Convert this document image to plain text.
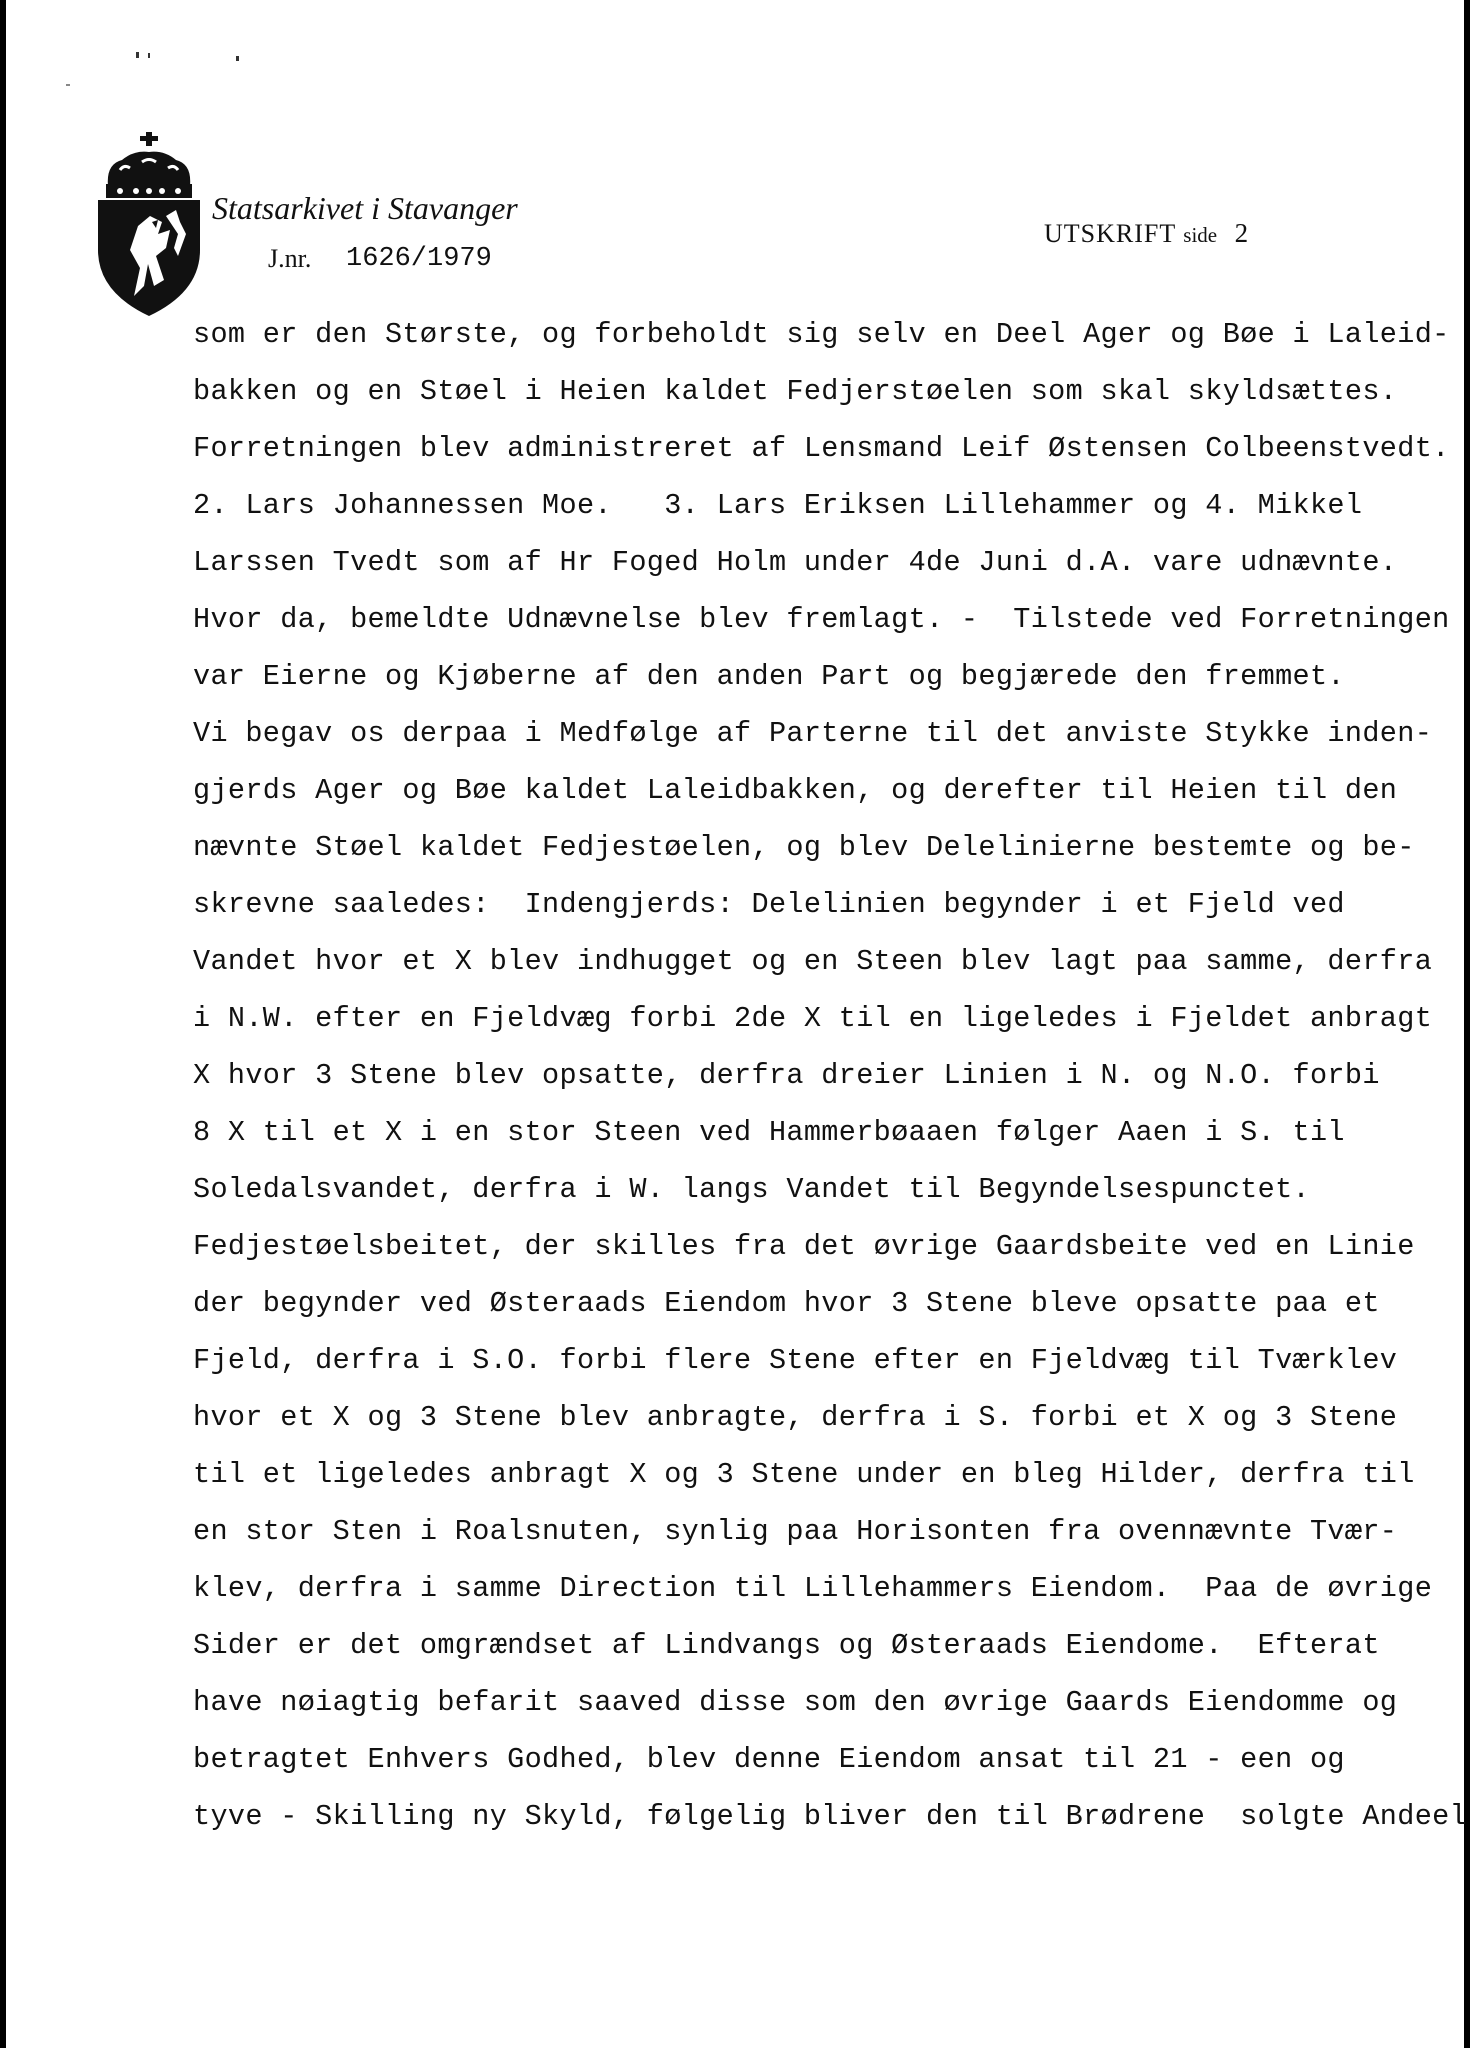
Statsarkivet i Stavanger
J.nr. 1626/1979
UTSKRIFT side 2
som er den Største, og forbeholdt sig selv en Deel Ager og Bøe i Laleid-
bakken og en Støel i Heien kaldet Fedjerstøelen som skal skyldsættes.
Forretningen blev administreret af Lensmand Leif Østensen Colbeenstvedt.
2. Lars Johannessen Moe.   3. Lars Eriksen Lillehammer og 4. Mikkel
Larssen Tvedt som af Hr Foged Holm under 4de Juni d.A. vare udnævnte.
Hvor da, bemeldte Udnævnelse blev fremlagt. -  Tilstede ved Forretningen
var Eierne og Kjøberne af den anden Part og begjærede den fremmet.
Vi begav os derpaa i Medfølge af Parterne til det anviste Stykke inden-
gjerds Ager og Bøe kaldet Laleidbakken, og derefter til Heien til den
nævnte Støel kaldet Fedjestøelen, og blev Delelinierne bestemte og be-
skrevne saaledes:  Indengjerds: Delelinien begynder i et Fjeld ved
Vandet hvor et X blev indhugget og en Steen blev lagt paa samme, derfra
i N.W. efter en Fjeldvæg forbi 2de X til en ligeledes i Fjeldet anbragt
X hvor 3 Stene blev opsatte, derfra dreier Linien i N. og N.O. forbi
8 X til et X i en stor Steen ved Hammerbøaaen følger Aaen i S. til
Soledalsvandet, derfra i W. langs Vandet til Begyndelsespunctet.
Fedjestøelsbeitet, der skilles fra det øvrige Gaardsbeite ved en Linie
der begynder ved Østeraads Eiendom hvor 3 Stene bleve opsatte paa et
Fjeld, derfra i S.O. forbi flere Stene efter en Fjeldvæg til Tværklev
hvor et X og 3 Stene blev anbragte, derfra i S. forbi et X og 3 Stene
til et ligeledes anbragt X og 3 Stene under en bleg Hilder, derfra til
en stor Sten i Roalsnuten, synlig paa Horisonten fra ovennævnte Tvær-
klev, derfra i samme Direction til Lillehammers Eiendom.  Paa de øvrige
Sider er det omgrændset af Lindvangs og Østeraads Eiendome.  Efterat
have nøiagtig befarit saaved disse som den øvrige Gaards Eiendomme og
betragtet Enhvers Godhed, blev denne Eiendom ansat til 21 - een og
tyve - Skilling ny Skyld, følgelig bliver den til Brødrene  solgte Andeel
